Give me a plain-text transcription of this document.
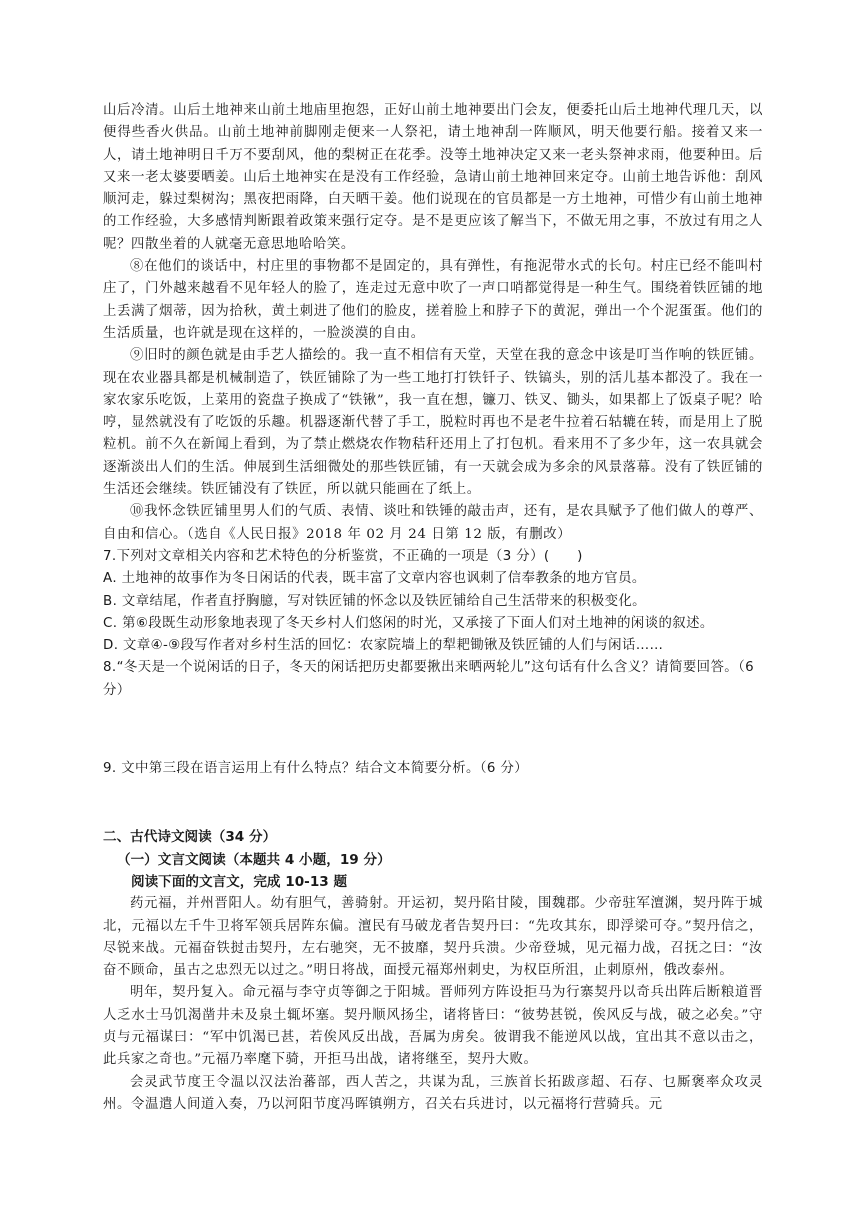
山后冷清。山后土地神来山前土地庙里抱怨，正好山前土地神要出门会友，便委托山后土地神代理几天，以便得些香火供品。山前土地神前脚刚走便来一人祭祀，请土地神刮一阵顺风，明天他要行船。接着又来一人，请土地神明日千万不要刮风，他的梨树正在花季。没等土地神决定又来一老头祭神求雨，他要种田。后又来一老太婆要晒姜。山后土地神实在是没有工作经验，急请山前土地神回来定夺。山前土地告诉他：刮风顺河走，躲过梨树沟；黑夜把雨降，白天晒干姜。他们说现在的官员都是一方土地神，可惜少有山前土地神的工作经验，大多感情判断跟着政策来强行定夺。是不是更应该了解当下，不做无用之事，不放过有用之人呢？四散坐着的人就毫无意思地哈哈笑。

⑧在他们的谈话中，村庄里的事物都不是固定的，具有弹性，有拖泥带水式的长句。村庄已经不能叫村庄了，门外越来越看不见年轻人的脸了，连走过无意中吹了一声口哨都觉得是一种生气。围绕着铁匠铺的地上丢满了烟蒂，因为拾秋，黄土刺进了他们的脸皮，搓着脸上和脖子下的黄泥，弹出一个个泥蛋蛋。他们的生活质量，也许就是现在这样的，一脸淡漠的自由。

⑨旧时的颜色就是由手艺人描绘的。我一直不相信有天堂，天堂在我的意念中该是叮当作响的铁匠铺。现在农业器具都是机械制造了，铁匠铺除了为一些工地打打铁钎子、铁镐头，别的活儿基本都没了。我在一家农家乐吃饭，上菜用的瓷盘子换成了“铁锹”，我一直在想，镰刀、铁叉、锄头，如果都上了饭桌子呢？哈哼，显然就没有了吃饭的乐趣。机器逐渐代替了手工，脱粒时再也不是老牛拉着石轱辘在转，而是用上了脱粒机。前不久在新闻上看到，为了禁止燃烧农作物秸秆还用上了打包机。看来用不了多少年，这一农具就会逐渐淡出人们的生活。伸展到生活细微处的那些铁匠铺，有一天就会成为多余的风景落幕。没有了铁匠铺的生活还会继续。铁匠铺没有了铁匠，所以就只能画在了纸上。

⑩我怀念铁匠铺里男人们的气质、表情、谈吐和铁锤的敲击声，还有，是农具赋予了他们做人的尊严、自由和信心。（选自《人民日报》2018 年 02 月 24 日第 12 版，有删改）

7.下列对文章相关内容和艺术特色的分析鉴赏，不正确的一项是（3 分）(　　)

A. 土地神的故事作为冬日闲话的代表，既丰富了文章内容也讽刺了信奉教条的地方官员。

B. 文章结尾，作者直抒胸臆，写对铁匠铺的怀念以及铁匠铺给自己生活带来的积极变化。

C. 第⑥段既生动形象地表现了冬天乡村人们悠闲的时光，又承接了下面人们对土地神的闲谈的叙述。

D. 文章④-⑨段写作者对乡村生活的回忆：农家院墙上的犁耙锄锹及铁匠铺的人们与闲话……

8.“冬天是一个说闲话的日子，冬天的闲话把历史都要揪出来晒两轮儿”这句话有什么含义？请简要回答。（6 分）

9. 文中第三段在语言运用上有什么特点？结合文本简要分析。（6 分）

二、古代诗文阅读（34 分）

（一）文言文阅读（本题共 4 小题，19 分）

阅读下面的文言文，完成 10-13 题

药元福，并州晋阳人。幼有胆气，善骑射。开运初，契丹陷甘陵，围魏郡。少帝驻军澶渊，契丹阵于城北，元福以左千牛卫将军领兵居阵东偏。澶民有马破龙者告契丹曰：“先攻其东，即浮梁可夺。”契丹信之，尽锐来战。元福奋铁挝击契丹，左右驰突，无不披靡，契丹兵溃。少帝登城，见元福力战，召抚之曰：“汝奋不顾命，虽古之忠烈无以过之。”明日将战，面授元福郑州刺史，为权臣所沮，止刺原州，俄改泰州。

明年，契丹复入。命元福与李守贞等御之于阳城。晋师列方阵设拒马为行寨契丹以奇兵出阵后断粮道晋人乏水士马饥渴凿井未及泉土辄坏塞。契丹顺风扬尘，诸将皆曰：“彼势甚锐，俟风反与战，破之必矣。”守贞与元福谋曰：“军中饥渴已甚，若俟风反出战，吾属为虏矣。彼谓我不能逆风以战，宜出其不意以击之，此兵家之奇也。”元福乃率麾下骑，开拒马出战，诸将继至，契丹大败。

会灵武节度王令温以汉法治蕃部，西人苦之，共谋为乱，三族首长拓跋彦超、石存、乜厮褒率众攻灵州。令温遣人间道入奏，乃以河阳节度冯晖镇朔方，召关右兵进讨，以元福将行营骑兵。元
